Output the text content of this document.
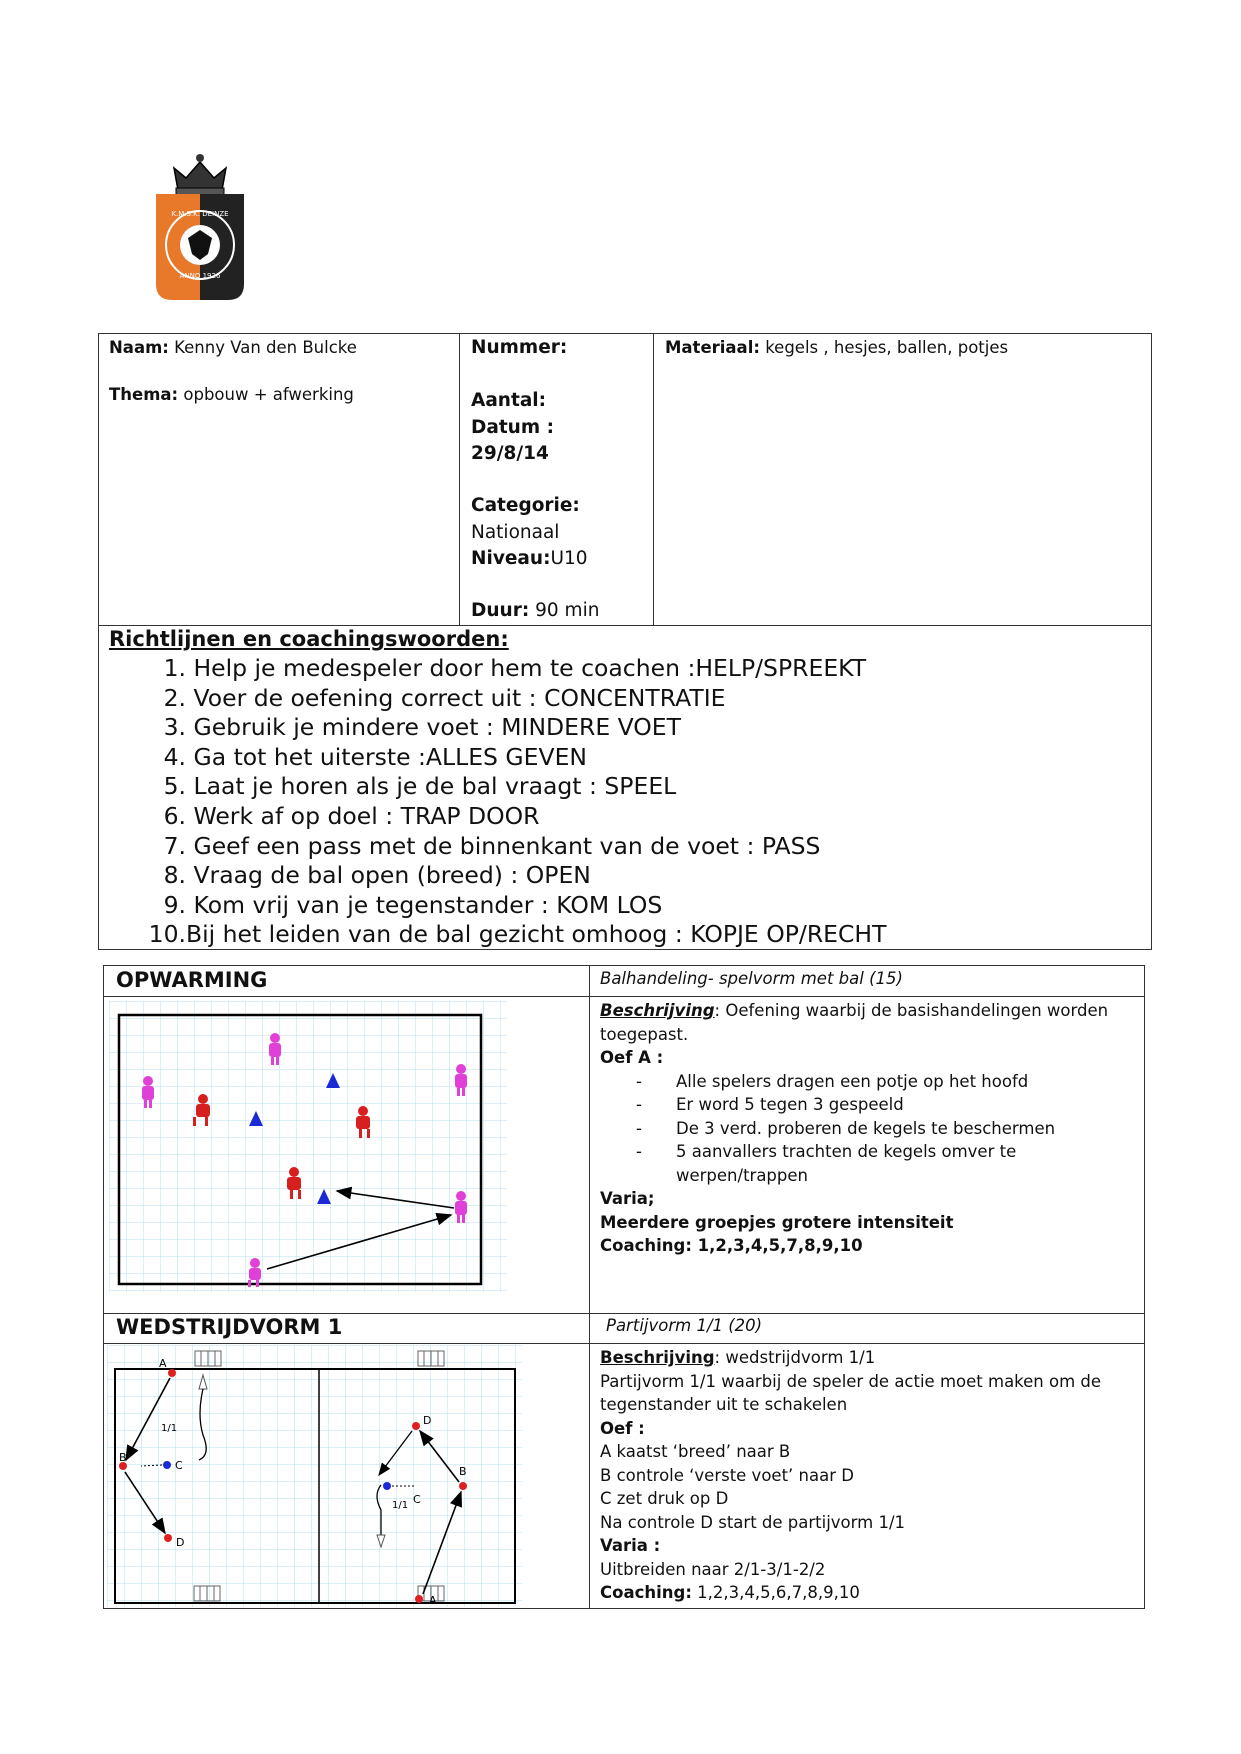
K.M.S.K. DEINZE
ANNO 1926
Naam: Kenny Van den Bulcke
Thema: opbouw + afwerking
Nummer:
Aantal:
Datum :
29/8/14
Categorie:
Nationaal
Niveau:U10
Duur: 90 min
Materiaal: kegels , hesjes, ballen, potjes
Richtlijnen en coachingswoorden:
1. Help je medespeler door hem te coachen :HELP/SPREEKT
2. Voer de oefening correct uit : CONCENTRATIE
3. Gebruik je mindere voet : MINDERE VOET
4. Ga tot het uiterste :ALLES GEVEN
5. Laat je horen als je de bal vraagt : SPEEL
6. Werk af op doel : TRAP DOOR
7. Geef een pass met de binnenkant van de voet : PASS
8. Vraag de bal open (breed) : OPEN
9. Kom vrij van je tegenstander : KOM LOS
10.Bij het leiden van de bal gezicht omhoog : KOPJE OP/RECHT
OPWARMING	Balhandeling- spelvorm met bal (15)
Beschrijving: Oefening waarbij de basishandelingen worden toegepast.
Oef A :
- Alle spelers dragen een potje op het hoofd
- Er word 5 tegen 3 gespeeld
- De 3 verd. proberen de kegels te beschermen
- 5 aanvallers trachten de kegels omver te werpen/trappen
Varia;
Meerdere groepjes grotere intensiteit
Coaching: 1,2,3,4,5,7,8,9,10
WEDSTRIJDVORM 1	Partijvorm 1/1 (20)
A
B
C
D
1/1
D
B
C
A
1/1
Beschrijving: wedstrijdvorm 1/1
Partijvorm 1/1 waarbij de speler de actie moet maken om de tegenstander uit te schakelen
Oef :
A kaatst ‘breed’ naar B
B controle ‘verste voet’ naar D
C zet druk op D
Na controle D start de partijvorm 1/1
Varia :
Uitbreiden naar 2/1-3/1-2/2
Coaching: 1,2,3,4,5,6,7,8,9,10
